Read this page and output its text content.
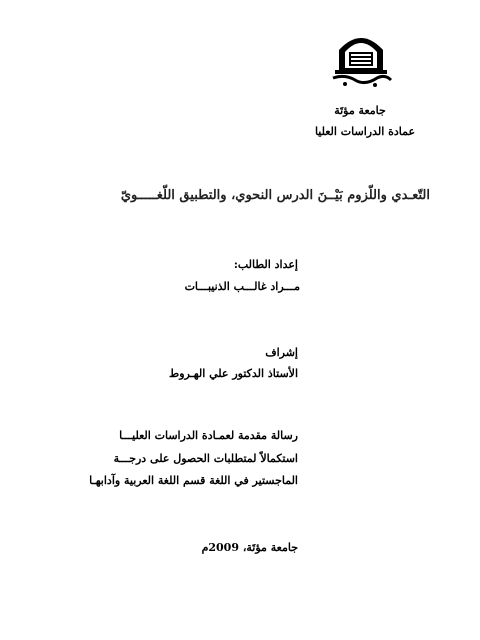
جامعة مؤتَة
عمادة الدراسات العليا
التّعـدي واللّزوم بَيْــنَ الدرس النحوي، والتطبيق اللّغـــــويّ
إعداد الطالب:
مـــراد غالـــب الذنيبـــات
إشراف
الأستاذ الدكتور علي الهـروط
رسالة مقدمة لعمـادة الدراسات العليـــا
استكمالاً لمتطلبات الحصول على درجـــة
الماجستير في اللغة قسم اللغة العربية وآدابهـا
جامعة مؤتَة، 2009م
